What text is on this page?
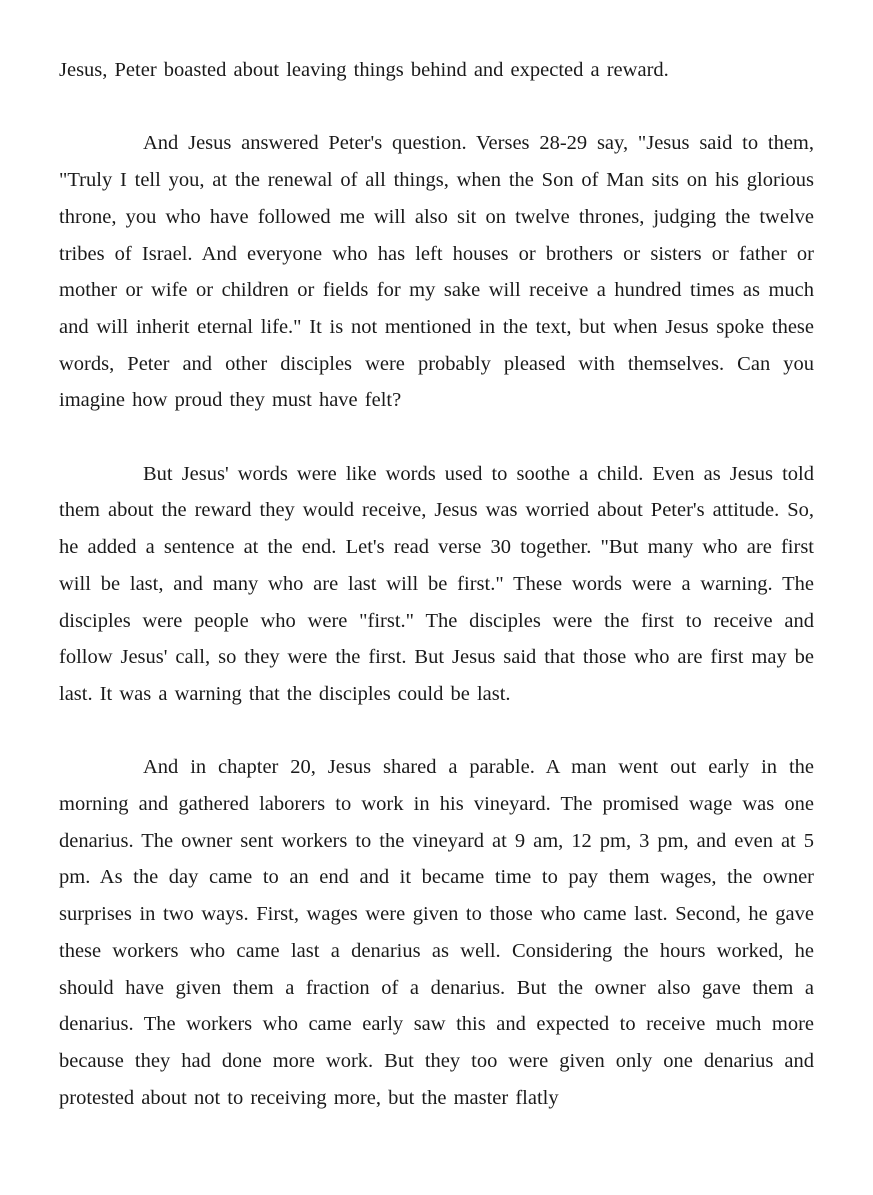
Jesus, Peter boasted about leaving things behind and expected a reward.

And Jesus answered Peter's question. Verses 28-29 say, "Jesus said to them, "Truly I tell you, at the renewal of all things, when the Son of Man sits on his glorious throne, you who have followed me will also sit on twelve thrones, judging the twelve tribes of Israel. And everyone who has left houses or brothers or sisters or father or mother or wife or children or fields for my sake will receive a hundred times as much and will inherit eternal life." It is not mentioned in the text, but when Jesus spoke these words, Peter and other disciples were probably pleased with themselves. Can you imagine how proud they must have felt?

But Jesus' words were like words used to soothe a child. Even as Jesus told them about the reward they would receive, Jesus was worried about Peter's attitude. So, he added a sentence at the end. Let's read verse 30 together. "But many who are first will be last, and many who are last will be first." These words were a warning. The disciples were people who were "first." The disciples were the first to receive and follow Jesus' call, so they were the first. But Jesus said that those who are first may be last. It was a warning that the disciples could be last.

And in chapter 20, Jesus shared a parable. A man went out early in the morning and gathered laborers to work in his vineyard. The promised wage was one denarius. The owner sent workers to the vineyard at 9 am, 12 pm, 3 pm, and even at 5 pm. As the day came to an end and it became time to pay them wages, the owner surprises in two ways. First, wages were given to those who came last. Second, he gave these workers who came last a denarius as well. Considering the hours worked, he should have given them a fraction of a denarius. But the owner also gave them a denarius. The workers who came early saw this and expected to receive much more because they had done more work. But they too were given only one denarius and protested about not to receiving more, but the master flatly
